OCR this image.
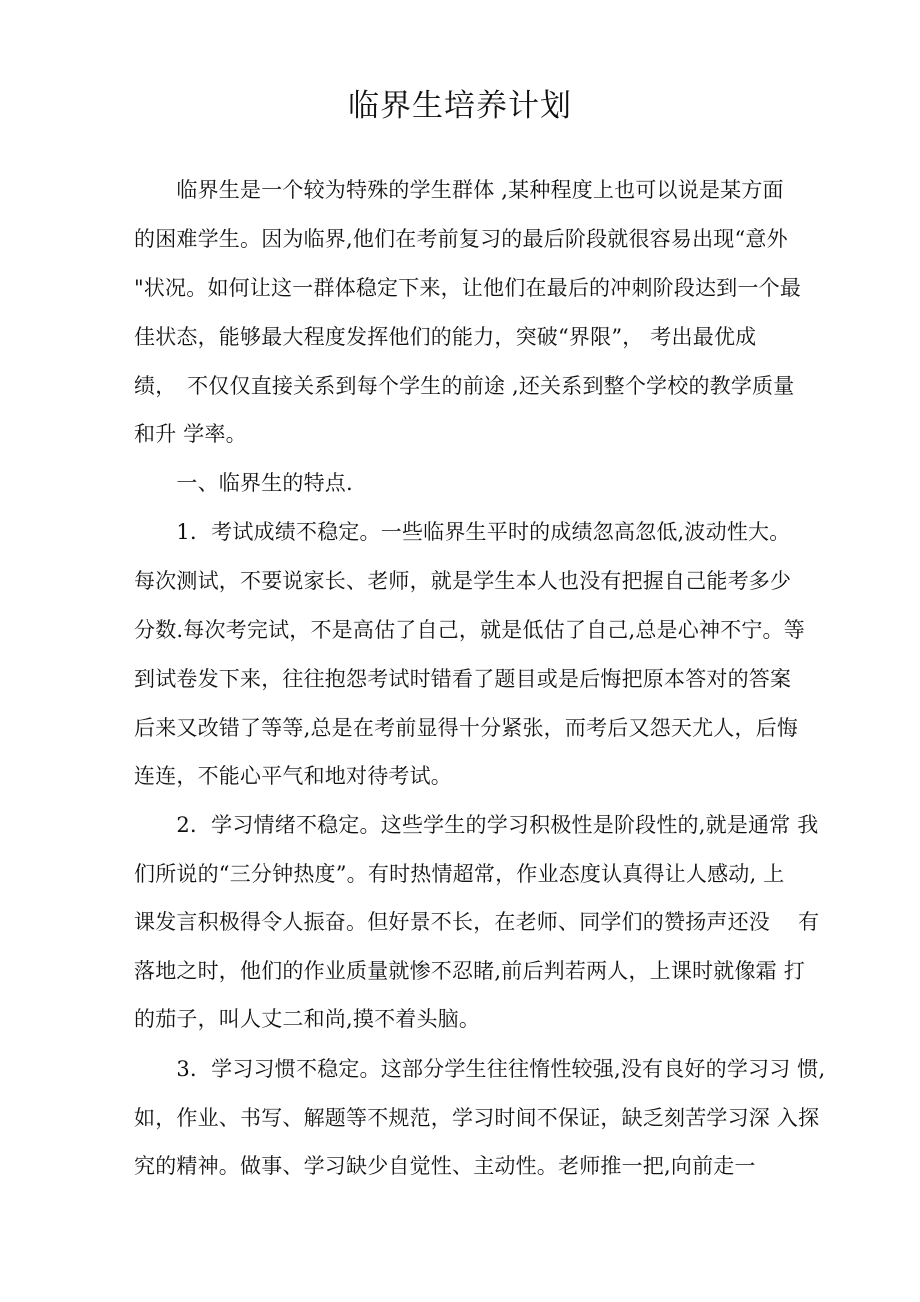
临界生培养计划
　　临界生是一个较为特殊的学生群体 ,某种程度上也可以说是某方面
的困难学生。因为临界,他们在考前复习的最后阶段就很容易出现“意外
"状况。如何让这一群体稳定下来，让他们在最后的冲刺阶段达到一个最
佳状态，能够最大程度发挥他们的能力，突破“界限”， 考出最优成
绩，　不仅仅直接关系到每个学生的前途 ,还关系到整个学校的教学质量
和升 学率。
　　一、临界生的特点.
　　1．考试成绩不稳定。一些临界生平时的成绩忽高忽低,波动性大。
每次测试，不要说家长、老师，就是学生本人也没有把握自己能考多少
分数.每次考完试，不是高估了自己，就是低估了自己,总是心神不宁。等
到试卷发下来，往往抱怨考试时错看了题目或是后悔把原本答对的答案
后来又改错了等等,总是在考前显得十分紧张，而考后又怨天尤人，后悔
连连，不能心平气和地对待考试。
　　2．学习情绪不稳定。这些学生的学习积极性是阶段性的,就是通常 我
们所说的“三分钟热度”。有时热情超常，作业态度认真得让人感动, 上
课发言积极得令人振奋。但好景不长，在老师、同学们的赞扬声还没　 有
落地之时，他们的作业质量就惨不忍睹,前后判若两人，上课时就像霜 打
的茄子，叫人丈二和尚,摸不着头脑。
　　3．学习习惯不稳定。这部分学生往往惰性较强,没有良好的学习习 惯,
如，作业、书写、解题等不规范，学习时间不保证，缺乏刻苦学习深 入探
究的精神。做事、学习缺少自觉性、主动性。老师推一把,向前走一
